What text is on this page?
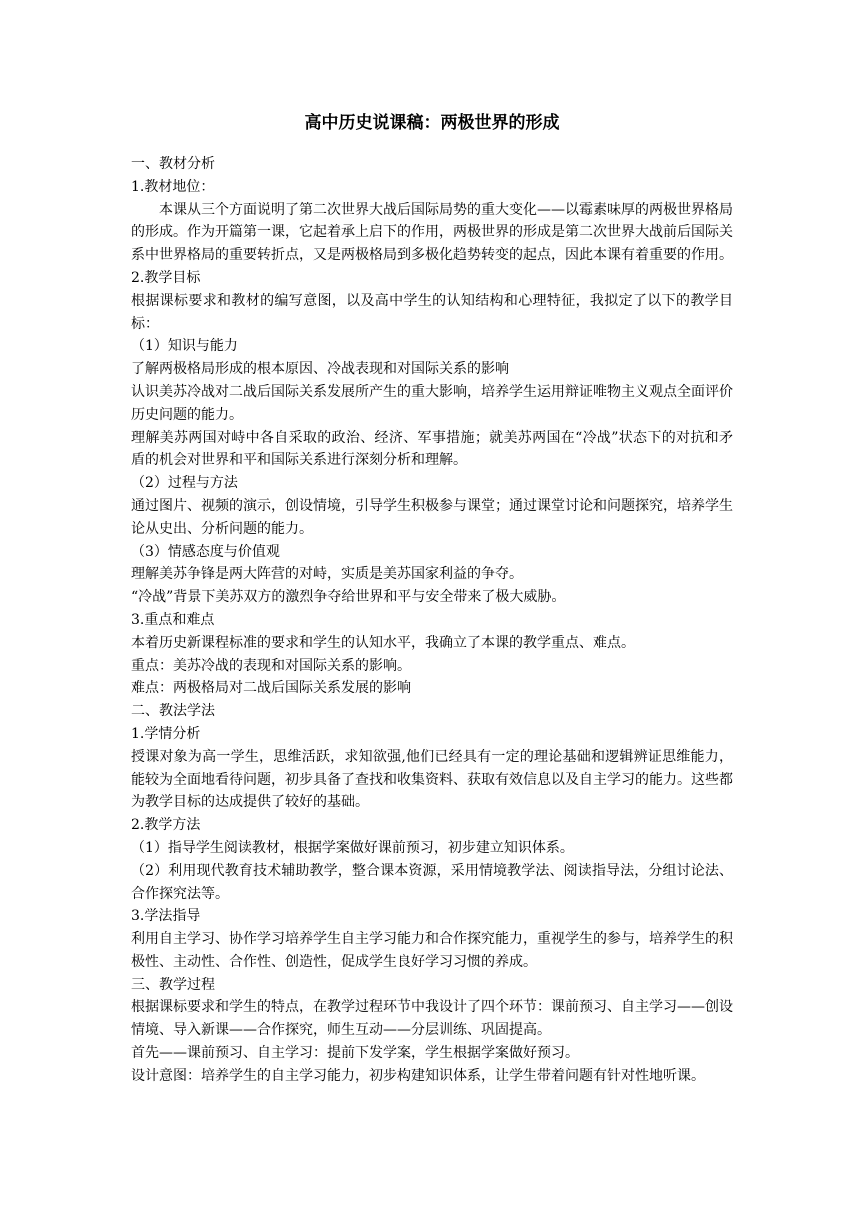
高中历史说课稿：两极世界的形成

一、教材分析

1.教材地位：

本课从三个方面说明了第二次世界大战后国际局势的重大变化——以霉素味厚的两极世界格局的形成。作为开篇第一课，它起着承上启下的作用，两极世界的形成是第二次世界大战前后国际关系中世界格局的重要转折点，又是两极格局到多极化趋势转变的起点，因此本课有着重要的作用。

2.教学目标

根据课标要求和教材的编写意图，以及高中学生的认知结构和心理特征，我拟定了以下的教学目标：

（1）知识与能力

了解两极格局形成的根本原因、冷战表现和对国际关系的影响

认识美苏冷战对二战后国际关系发展所产生的重大影响，培养学生运用辩证唯物主义观点全面评价历史问题的能力。

理解美苏两国对峙中各自采取的政治、经济、军事措施；就美苏两国在“冷战”状态下的对抗和矛盾的机会对世界和平和国际关系进行深刻分析和理解。

（2）过程与方法

通过图片、视频的演示，创设情境，引导学生积极参与课堂；通过课堂讨论和问题探究，培养学生论从史出、分析问题的能力。

（3）情感态度与价值观

理解美苏争锋是两大阵营的对峙，实质是美苏国家利益的争夺。

“冷战”背景下美苏双方的激烈争夺给世界和平与安全带来了极大威胁。

3.重点和难点

本着历史新课程标准的要求和学生的认知水平，我确立了本课的教学重点、难点。

重点：美苏冷战的表现和对国际关系的影响。

难点：两极格局对二战后国际关系发展的影响

二、教法学法

1.学情分析

授课对象为高一学生，思维活跃，求知欲强,他们已经具有一定的理论基础和逻辑辨证思维能力，能较为全面地看待问题，初步具备了查找和收集资料、获取有效信息以及自主学习的能力。这些都为教学目标的达成提供了较好的基础。

2.教学方法

（1）指导学生阅读教材，根据学案做好课前预习，初步建立知识体系。

（2）利用现代教育技术辅助教学，整合课本资源，采用情境教学法、阅读指导法，分组讨论法、合作探究法等。

3.学法指导

利用自主学习、协作学习培养学生自主学习能力和合作探究能力，重视学生的参与，培养学生的积极性、主动性、合作性、创造性，促成学生良好学习习惯的养成。

三、教学过程

根据课标要求和学生的特点，在教学过程环节中我设计了四个环节：课前预习、自主学习——创设情境、导入新课——合作探究，师生互动——分层训练、巩固提高。

首先——课前预习、自主学习：提前下发学案，学生根据学案做好预习。

设计意图：培养学生的自主学习能力，初步构建知识体系，让学生带着问题有针对性地听课。
